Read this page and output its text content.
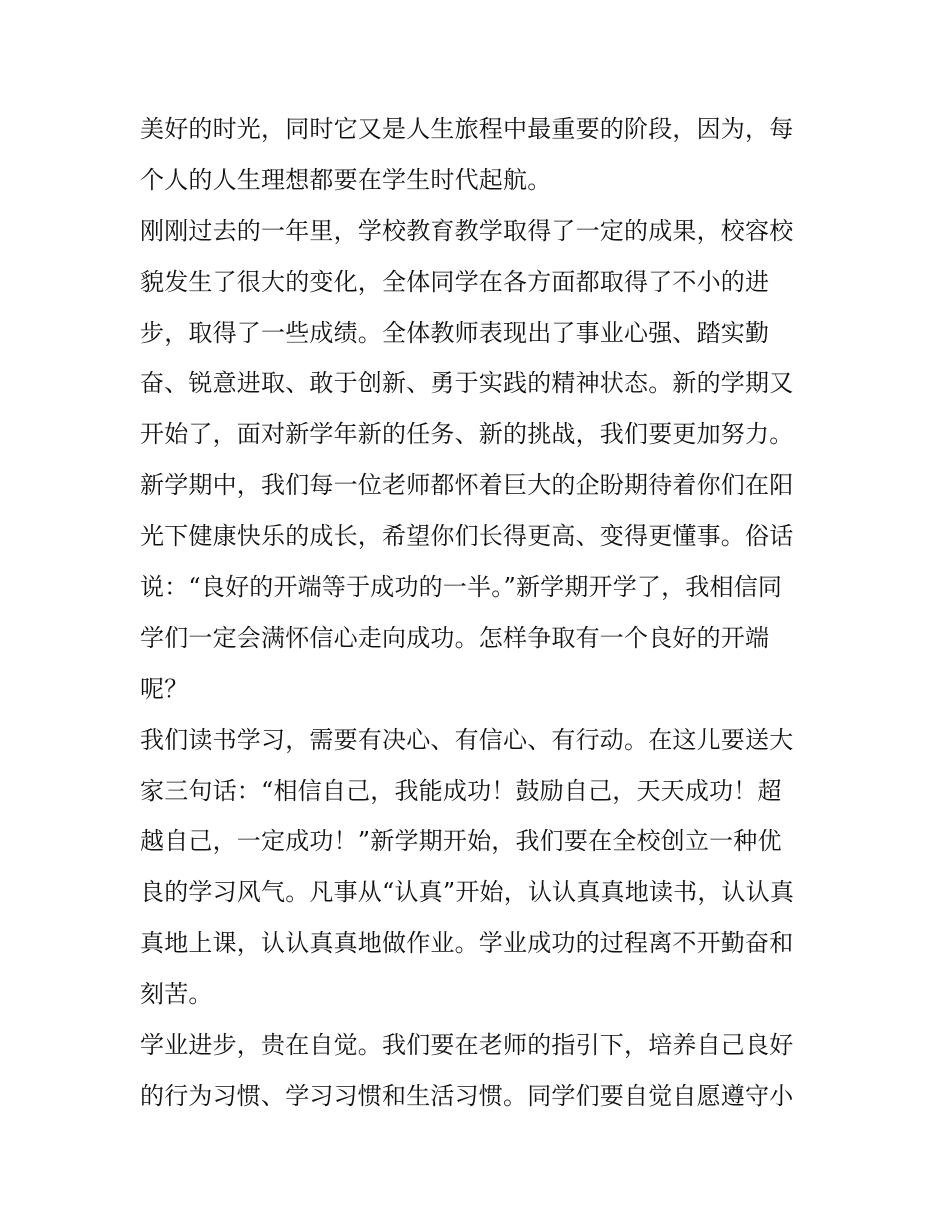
美好的时光，同时它又是人生旅程中最重要的阶段，因为，每
个人的人生理想都要在学生时代起航。
刚刚过去的一年里，学校教育教学取得了一定的成果，校容校
貌发生了很大的变化，全体同学在各方面都取得了不小的进
步，取得了一些成绩。全体教师表现出了事业心强、踏实勤
奋、锐意进取、敢于创新、勇于实践的精神状态。新的学期又
开始了，面对新学年新的任务、新的挑战，我们要更加努力。
新学期中，我们每一位老师都怀着巨大的企盼期待着你们在阳
光下健康快乐的成长，希望你们长得更高、变得更懂事。俗话
说：“良好的开端等于成功的一半。”新学期开学了，我相信同
学们一定会满怀信心走向成功。怎样争取有一个良好的开端
呢？
我们读书学习，需要有决心、有信心、有行动。在这儿要送大
家三句话：“相信自己，我能成功！鼓励自己，天天成功！超
越自己，一定成功！”新学期开始，我们要在全校创立一种优
良的学习风气。凡事从“认真”开始，认认真真地读书，认认真
真地上课，认认真真地做作业。学业成功的过程离不开勤奋和
刻苦。
学业进步，贵在自觉。我们要在老师的指引下，培养自己良好
的行为习惯、学习习惯和生活习惯。同学们要自觉自愿遵守小
